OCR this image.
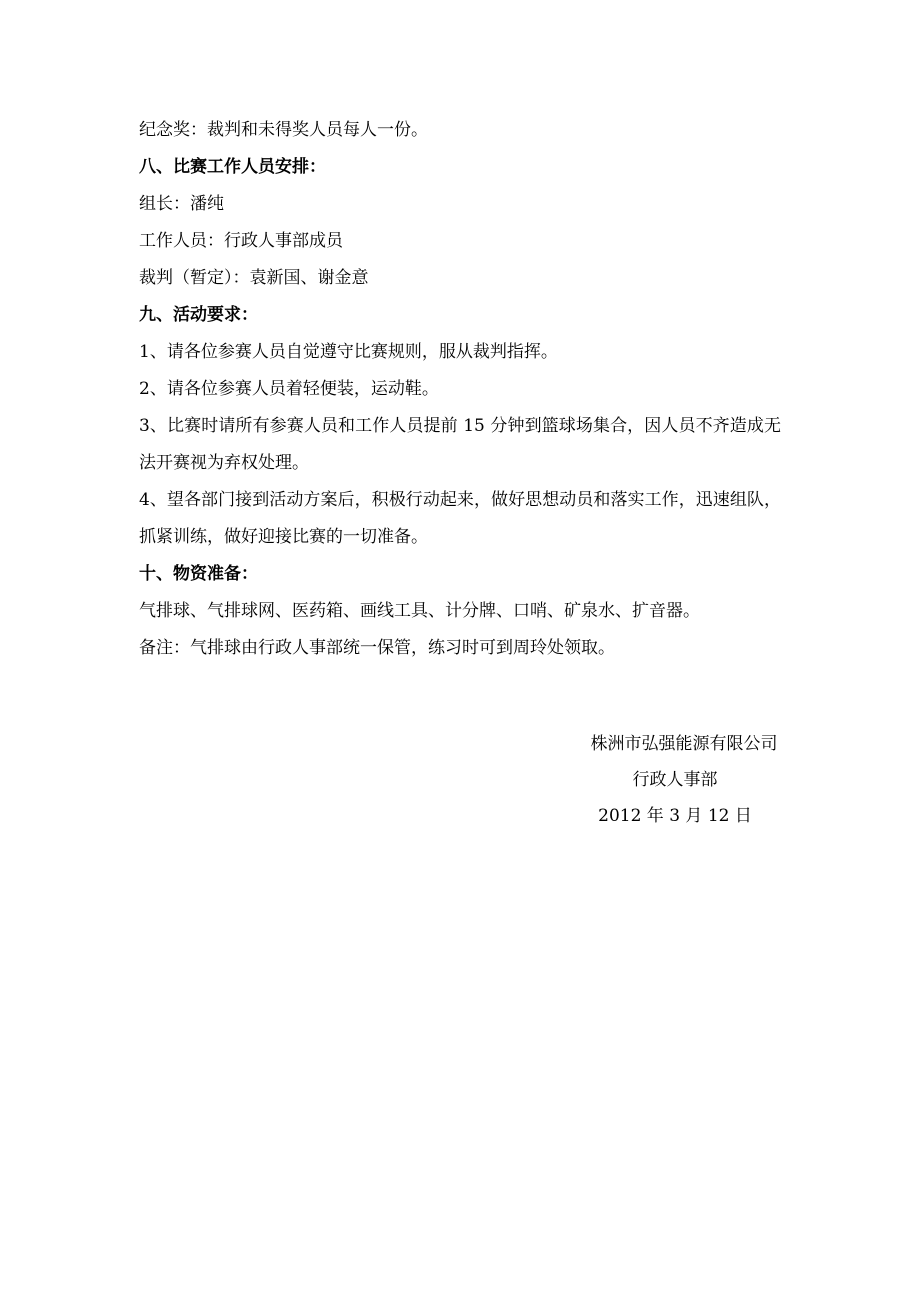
纪念奖：裁判和未得奖人员每人一份。
八、比赛工作人员安排：
组长：潘纯
工作人员：行政人事部成员
裁判（暂定）：袁新国、谢金意
九、活动要求：
1、请各位参赛人员自觉遵守比赛规则，服从裁判指挥。
2、请各位参赛人员着轻便装，运动鞋。
3、比赛时请所有参赛人员和工作人员提前 15 分钟到篮球场集合，因人员不齐造成无法开赛视为弃权处理。
4、望各部门接到活动方案后，积极行动起来，做好思想动员和落实工作，迅速组队，抓紧训练，做好迎接比赛的一切准备。
十、物资准备：
气排球、气排球网、医药箱、画线工具、计分牌、口哨、矿泉水、扩音器。
备注：气排球由行政人事部统一保管，练习时可到周玲处领取。
株洲市弘强能源有限公司
行政人事部
2012 年 3 月 12 日
